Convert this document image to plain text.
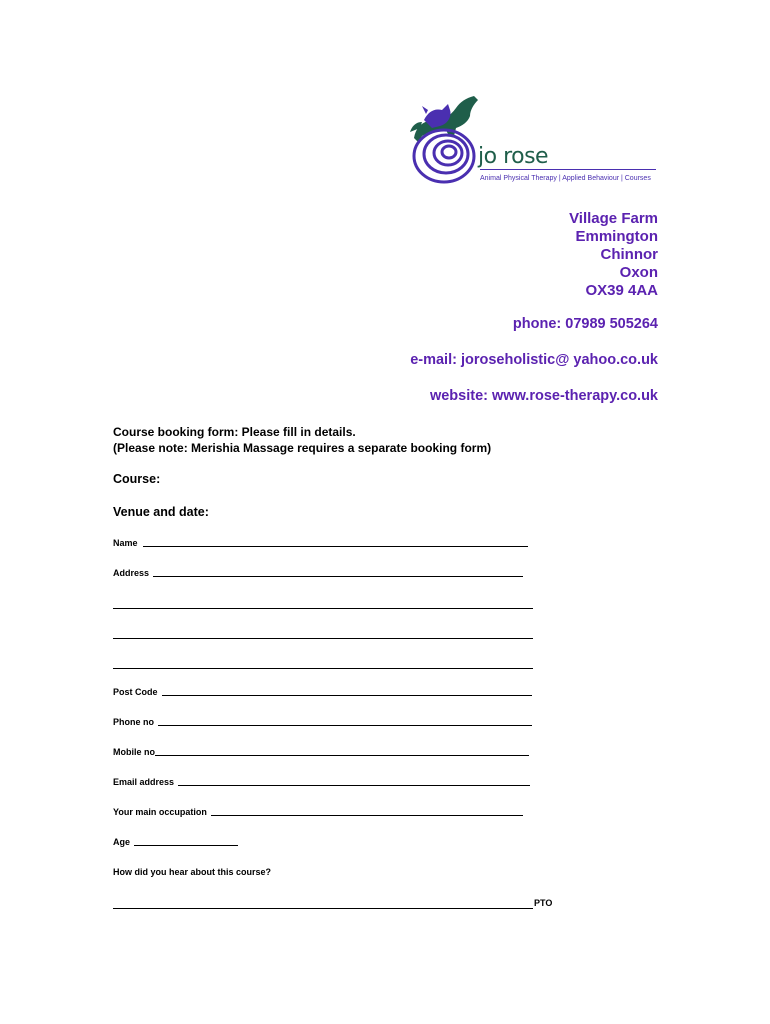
jo rose
Animal Physical Therapy | Applied Behaviour | Courses
Village Farm
Emmington
Chinnor
Oxon
OX39 4AA
phone: 07989 505264
e-mail: joroseholistic@ yahoo.co.uk
website: www.rose-therapy.co.uk
Course booking form: Please fill in details.
(Please note: Merishia Massage requires a separate booking form)
Course:
Venue and date:
Name
Address
Post Code
Phone no
Mobile no
Email address
Your main occupation
Age
How did you hear about this course?
PTO
